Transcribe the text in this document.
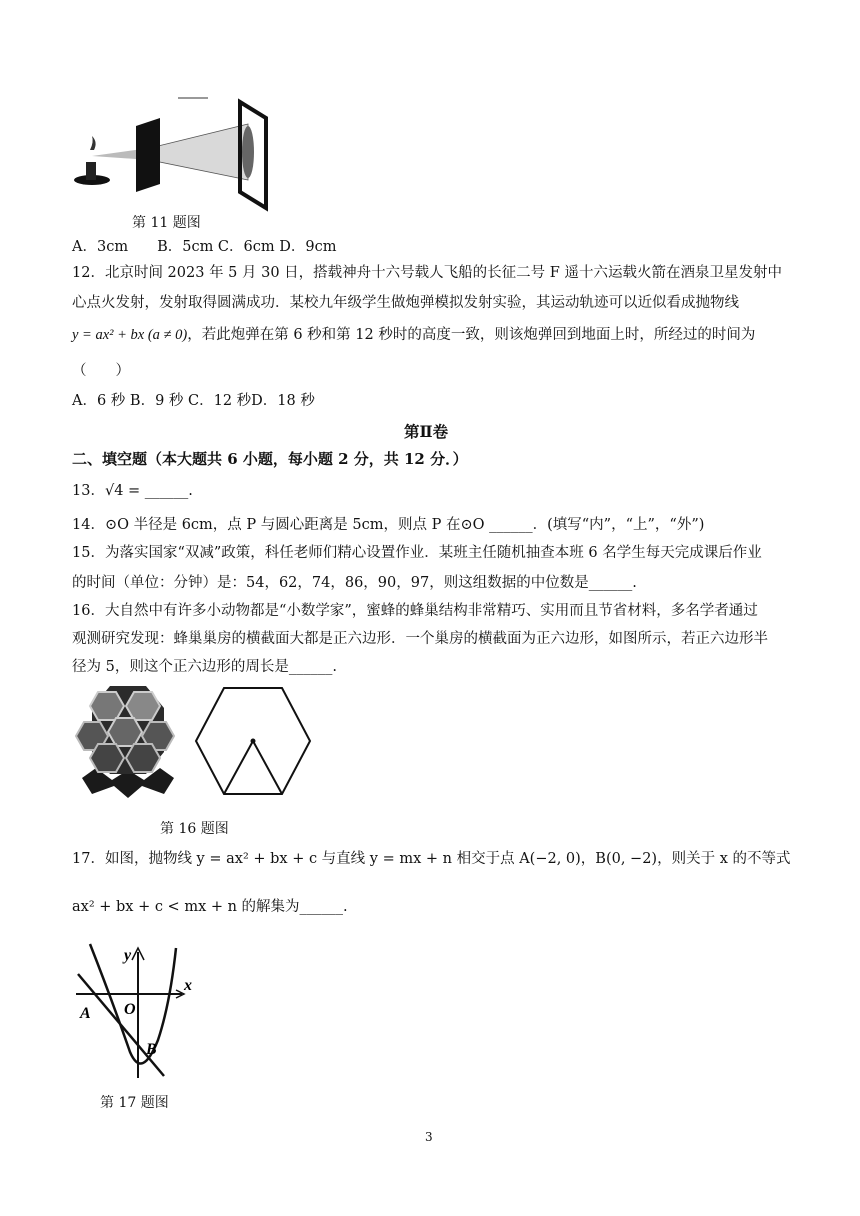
第 11 题图
A．3cm　　B．5cm C．6cm D．9cm
12．北京时间 2023 年 5 月 30 日，搭载神舟十六号载人飞船的长征二号 F 遥十六运载火箭在酒泉卫星发射中
心点火发射，发射取得圆满成功．某校九年级学生做炮弹模拟发射实验，其运动轨迹可以近似看成抛物线
y = ax² + bx (a ≠ 0)，若此炮弹在第 6 秒和第 12 秒时的高度一致，则该炮弹回到地面上时，所经过的时间为
（　　）
A．6 秒 B．9 秒 C．12 秒D．18 秒
第Ⅱ卷
二、填空题（本大题共 6 小题，每小题 2 分，共 12 分．）
13．√4 = ______.
14．⊙O 半径是 6cm，点 P 与圆心距离是 5cm，则点 P 在⊙O ______．(填写“内”，“上”，“外”)
15．为落实国家“双减”政策，科任老师们精心设置作业．某班主任随机抽查本班 6 名学生每天完成课后作业
的时间（单位：分钟）是：54，62，74，86，90，97，则这组数据的中位数是______.
16．大自然中有许多小动物都是“小数学家”，蜜蜂的蜂巢结构非常精巧、实用而且节省材料，多名学者通过
观测研究发现：蜂巢巢房的横截面大都是正六边形．一个巢房的横截面为正六边形，如图所示，若正六边形半
径为 5，则这个正六边形的周长是______.
第 16 题图
17．如图，抛物线 y = ax² + bx + c 与直线 y = mx + n 相交于点 A(−2, 0)，B(0, −2)，则关于 x 的不等式
ax² + bx + c < mx + n 的解集为______.
y
x
O
A
B
第 17 题图
3
